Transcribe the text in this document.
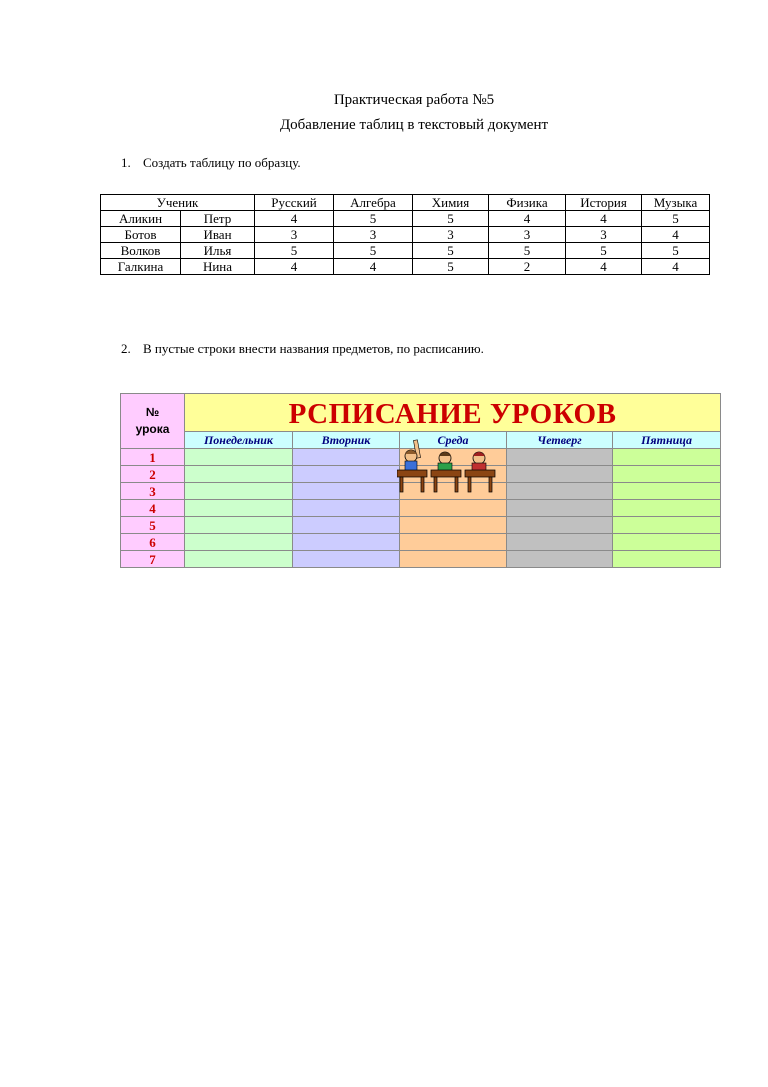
Практическая работа №5
Добавление таблиц в текстовый документ
1. Создать таблицу по образцу.
Ученик		Русский	Алгебра	Химия	Физика	История	Музыка
Аликин	Петр	4	5	5	4	4	5
Ботов	Иван	3	3	3	3	3	4
Волков	Илья	5	5	5	5	5	5
Галкина	Нина	4	4	5	2	4	4
2. В пустые строки внести названия предметов, по расписанию.
№
урока	РСПИСАНИЕ УРОКОВ				

	Понедельник	Вторник	Среда	Четверг	Пятница
1					
2					
3					
4					
5					
6					
7					
